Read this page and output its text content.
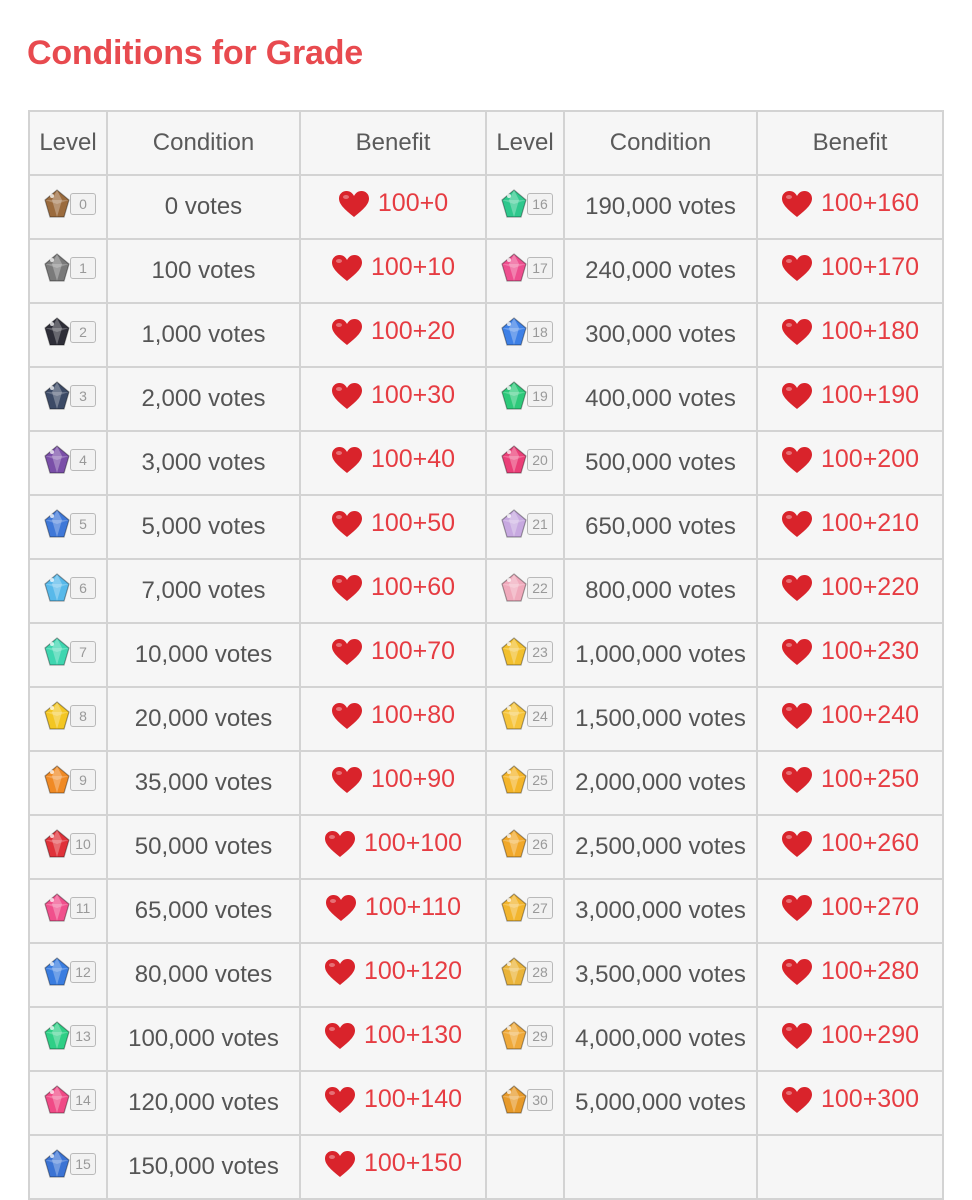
Conditions for Grade
Level	Condition	Benefit	Level	Condition	Benefit

0	0 votes	100+0	16	190,000 votes	100+160

1	100 votes	100+10	17	240,000 votes	100+170

2	1,000 votes	100+20	18	300,000 votes	100+180

3	2,000 votes	100+30	19	400,000 votes	100+190

4	3,000 votes	100+40	20	500,000 votes	100+200

5	5,000 votes	100+50	21	650,000 votes	100+210

6	7,000 votes	100+60	22	800,000 votes	100+220

7	10,000 votes	100+70	23	1,000,000 votes	100+230

8	20,000 votes	100+80	24	1,500,000 votes	100+240

9	35,000 votes	100+90	25	2,000,000 votes	100+250

10	50,000 votes	100+100	26	2,500,000 votes	100+260

11	65,000 votes	100+110	27	3,000,000 votes	100+270

12	80,000 votes	100+120	28	3,500,000 votes	100+280

13	100,000 votes	100+130	29	4,000,000 votes	100+290

14	120,000 votes	100+140	30	5,000,000 votes	100+300

15	150,000 votes	100+150			
